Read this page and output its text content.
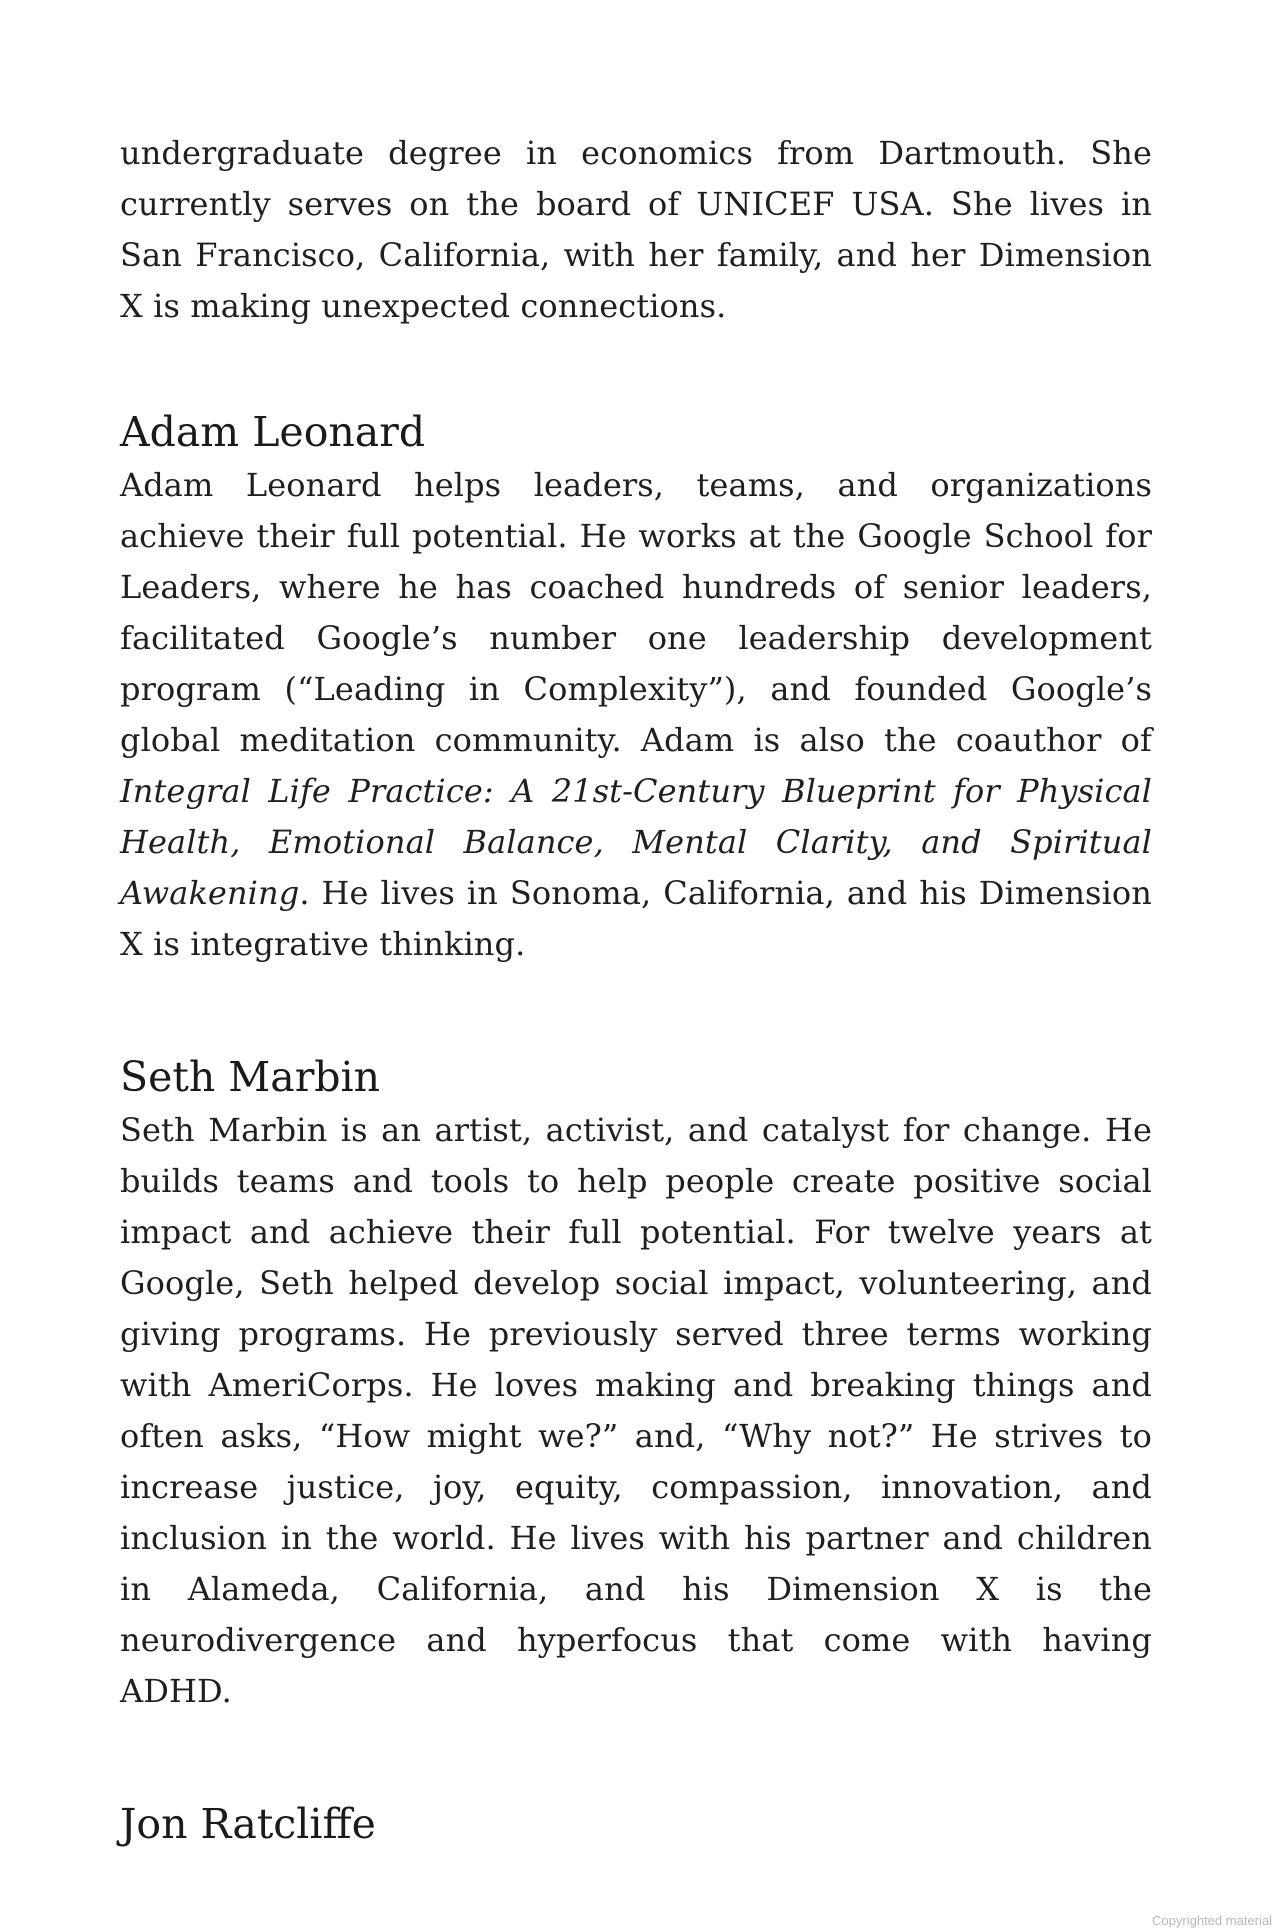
undergraduate degree in economics from Dartmouth. She currently serves on the board of UNICEF USA. She lives in San Francisco, California, with her family, and her Dimension X is making unexpected connections.

Adam Leonard

Adam Leonard helps leaders, teams, and organizations achieve their full potential. He works at the Google School for Leaders, where he has coached hundreds of senior leaders, facilitated Google’s number one leadership development program (“Leading in Complexity”), and founded Google’s global meditation community. Adam is also the coauthor of Integral Life Practice: A 21st-Century Blueprint for Physical Health, Emotional Balance, Mental Clarity, and Spiritual Awakening. He lives in Sonoma, California, and his Dimension X is integrative thinking.

Seth Marbin

Seth Marbin is an artist, activist, and catalyst for change. He builds teams and tools to help people create positive social impact and achieve their full potential. For twelve years at Google, Seth helped develop social impact, volunteering, and giving programs. He previously served three terms working with AmeriCorps. He loves making and breaking things and often asks, “How might we?” and, “Why not?” He strives to increase justice, joy, equity, compassion, innovation, and inclusion in the world. He lives with his partner and children in Alameda, California, and his Dimension X is the neurodivergence and hyperfocus that come with having ADHD.

Jon Ratcliffe
Copyrighted material
